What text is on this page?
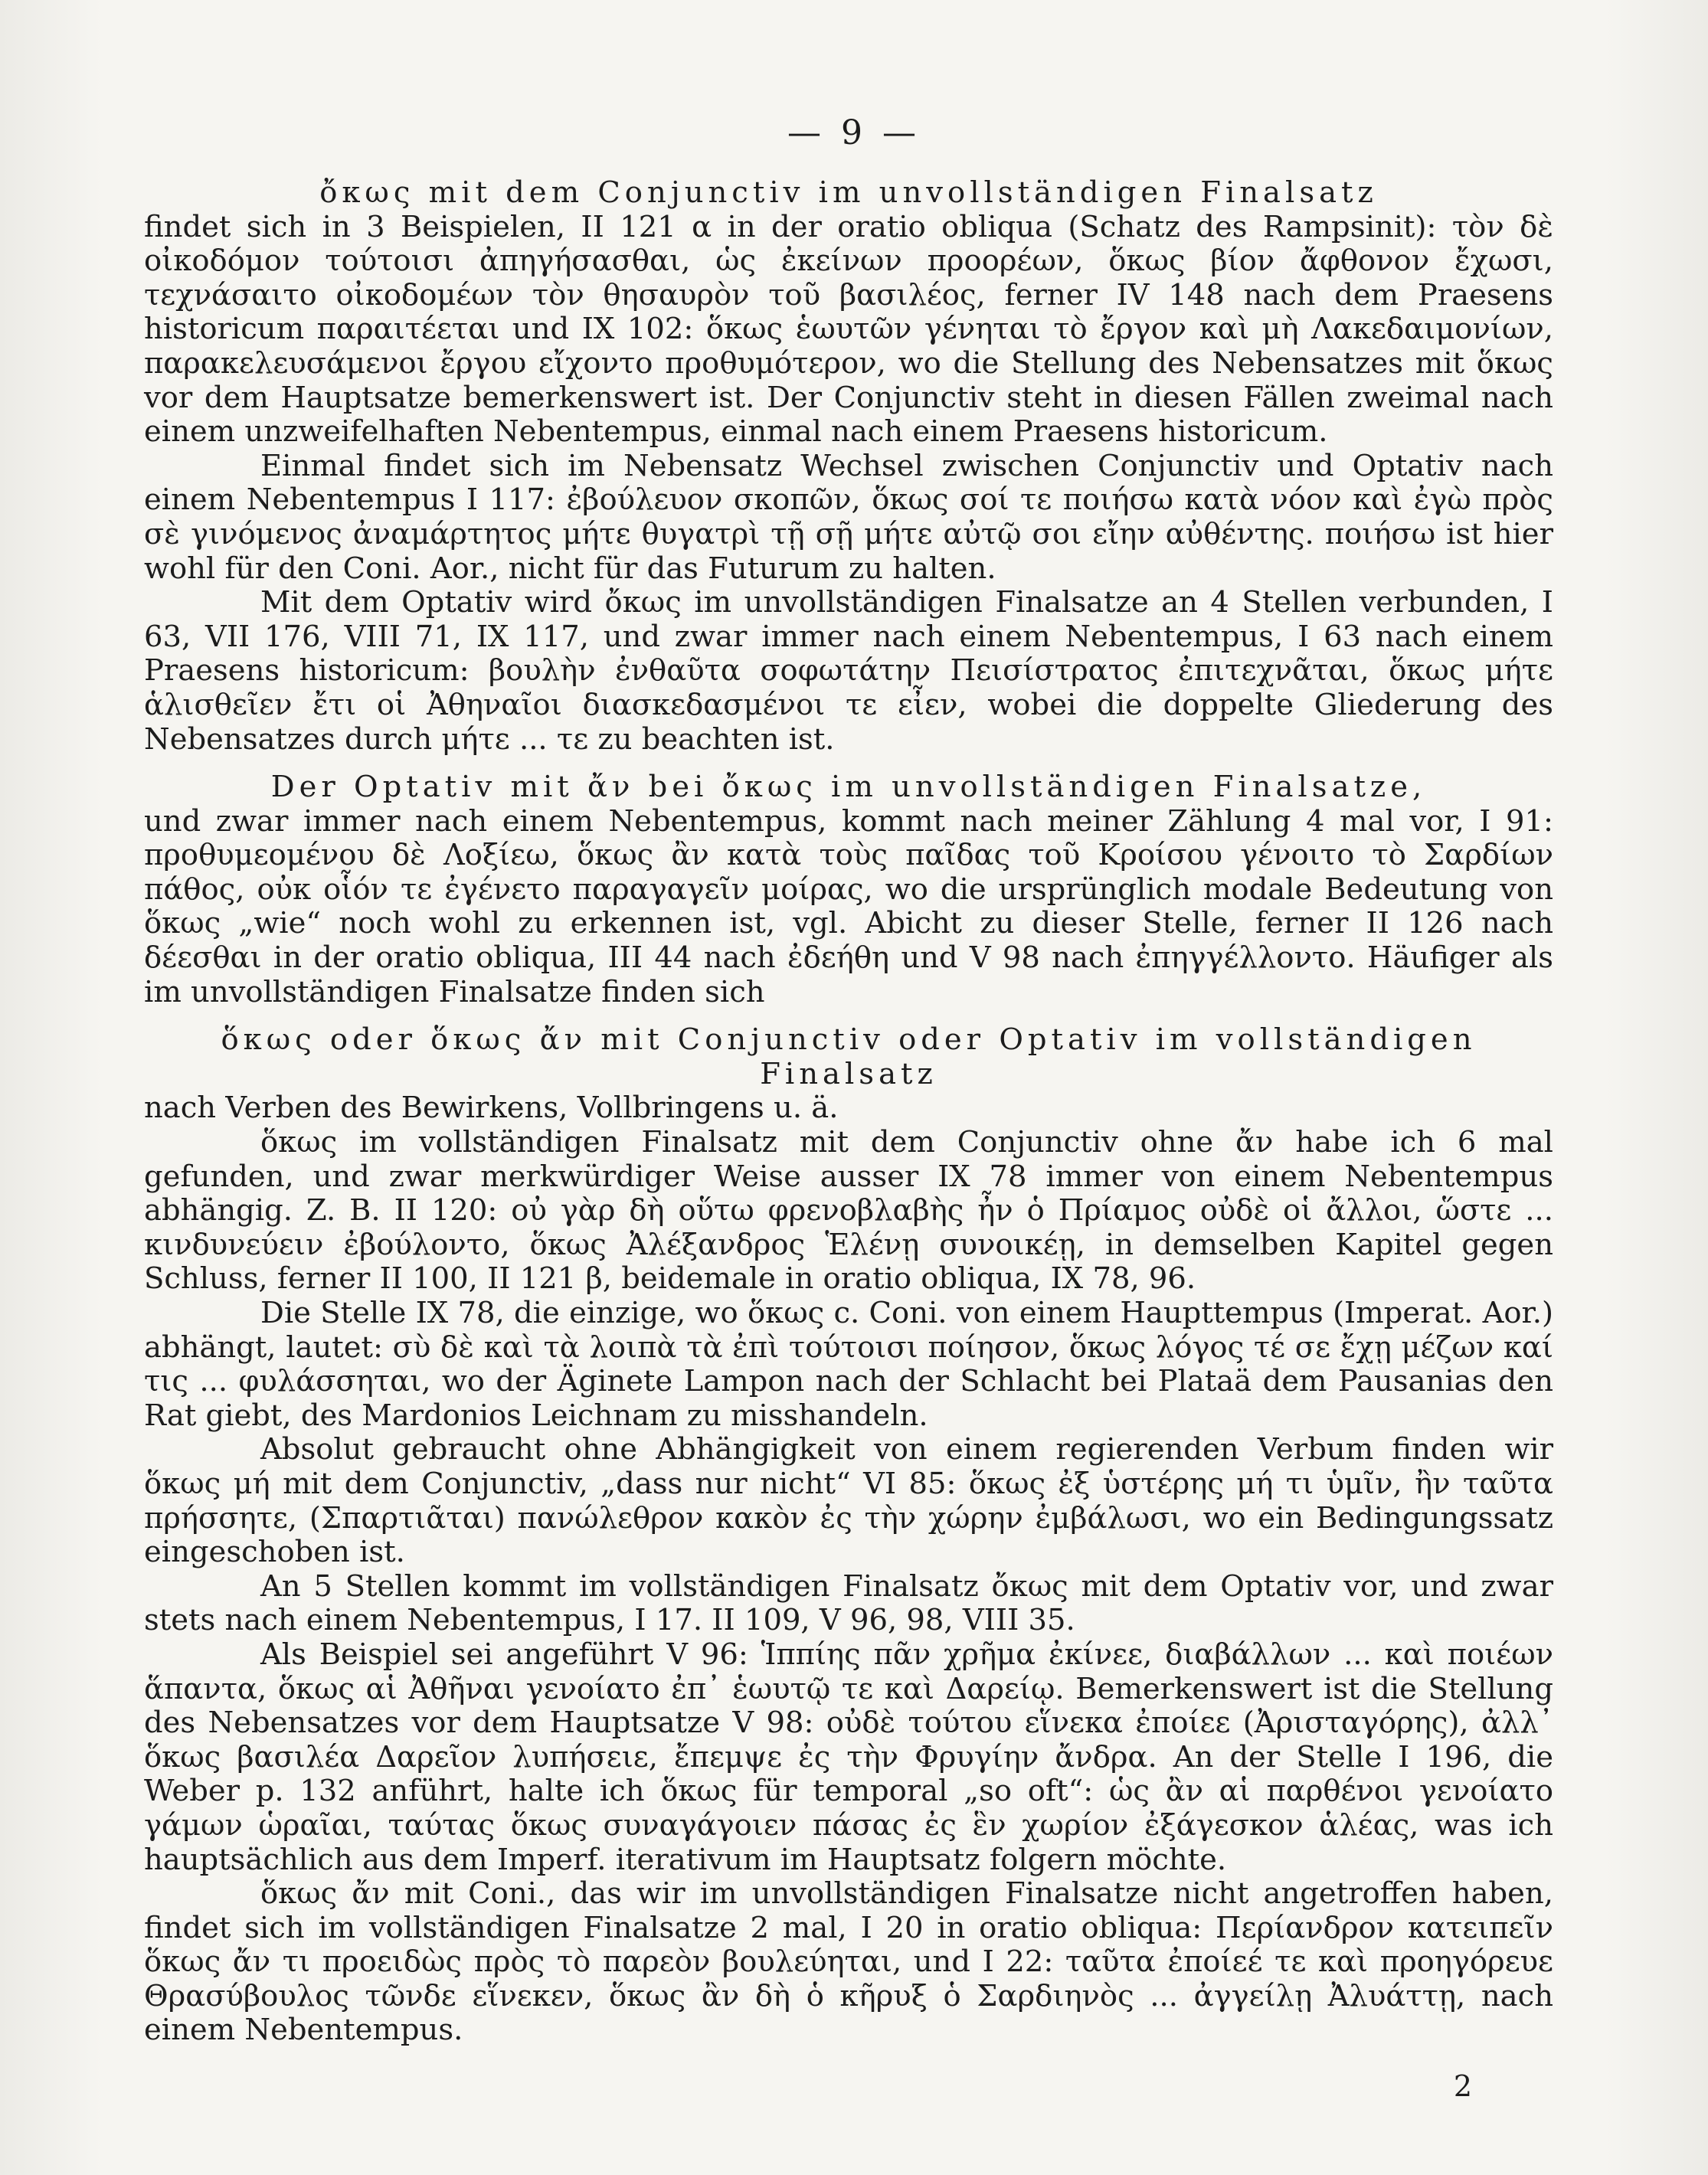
— 9 —

ὄκως mit dem Conjunctiv im unvollständigen Finalsatz

findet sich in 3 Beispielen, II 121 α in der oratio obliqua (Schatz des Rampsinit): τὸν δὲ οἰκοδόμον τούτοισι ἀπηγήσασθαι, ὡς ἐκείνων προορέων, ὅκως βίον ἄφθονον ἔχωσι, τεχνάσαιτο οἰκοδομέων τὸν θησαυρὸν τοῦ βασιλέος, ferner IV 148 nach dem Praesens historicum παραιτέεται und IX 102: ὅκως ἑωυτῶν γένηται τὸ ἔργον καὶ μὴ Λακεδαιμονίων, παρακελευσάμενοι ἔργου εἴχοντο προθυμότερον, wo die Stellung des Nebensatzes mit ὅκως vor dem Hauptsatze bemerkenswert ist. Der Conjunctiv steht in diesen Fällen zweimal nach einem unzweifelhaften Nebentempus, einmal nach einem Praesens historicum.

Einmal findet sich im Nebensatz Wechsel zwischen Conjunctiv und Optativ nach einem Nebentempus I 117: ἐβούλευον σκοπῶν, ὅκως σοί τε ποιήσω κατὰ νόον καὶ ἐγὼ πρὸς σὲ γινόμενος ἀναμάρτητος μήτε θυγατρὶ τῇ σῇ μήτε αὐτῷ σοι εἴην αὐθέντης. ποιήσω ist hier wohl für den Coni. Aor., nicht für das Futurum zu halten.

Mit dem Optativ wird ὄκως im unvollständigen Finalsatze an 4 Stellen verbunden, I 63, VII 176, VIII 71, IX 117, und zwar immer nach einem Nebentempus, I 63 nach einem Praesens historicum: βουλὴν ἐνθαῦτα σοφωτάτην Πεισίστρατος ἐπιτεχνᾶται, ὅκως μήτε ἁλισθεῖεν ἔτι οἱ Ἀθηναῖοι διασκεδασμένοι τε εἶεν, wobei die doppelte Gliederung des Nebensatzes durch μήτε ... τε zu beachten ist.

Der Optativ mit ἄν bei ὄκως im unvollständigen Finalsatze,

und zwar immer nach einem Nebentempus, kommt nach meiner Zählung 4 mal vor, I 91: προθυμεομένου δὲ Λοξίεω, ὅκως ἂν κατὰ τοὺς παῖδας τοῦ Κροίσου γένοιτο τὸ Σαρδίων πάθος, οὐκ οἷόν τε ἐγένετο παραγαγεῖν μοίρας, wo die ursprünglich modale Bedeutung von ὅκως „wie“ noch wohl zu erkennen ist, vgl. Abicht zu dieser Stelle, ferner II 126 nach δέεσθαι in der oratio obliqua, III 44 nach ἐδεήθη und V 98 nach ἐπηγγέλλοντο. Häufiger als im unvollständigen Finalsatze finden sich

ὅκως oder ὅκως ἄν mit Conjunctiv oder Optativ im vollständigen Finalsatz

nach Verben des Bewirkens, Vollbringens u. ä.

ὅκως im vollständigen Finalsatz mit dem Conjunctiv ohne ἄν habe ich 6 mal gefunden, und zwar merkwürdiger Weise ausser IX 78 immer von einem Nebentempus abhängig. Z. B. II 120: οὐ γὰρ δὴ οὕτω φρενοβλαβὴς ἦν ὁ Πρίαμος οὐδὲ οἱ ἄλλοι, ὥστε ... κινδυνεύειν ἐβούλοντο, ὅκως Ἀλέξανδρος Ἑλένῃ συνοικέῃ, in demselben Kapitel gegen Schluss, ferner II 100, II 121 β, beidemale in oratio obliqua, IX 78, 96.

Die Stelle IX 78, die einzige, wo ὅκως c. Coni. von einem Haupttempus (Imperat. Aor.) abhängt, lautet: σὺ δὲ καὶ τὰ λοιπὰ τὰ ἐπὶ τούτοισι ποίησον, ὅκως λόγος τέ σε ἔχῃ μέζων καί τις ... φυλάσσηται, wo der Äginete Lampon nach der Schlacht bei Plataä dem Pausanias den Rat giebt, des Mardonios Leichnam zu misshandeln.

Absolut gebraucht ohne Abhängigkeit von einem regierenden Verbum finden wir ὅκως μή mit dem Conjunctiv, „dass nur nicht“ VI 85: ὅκως ἐξ ὑστέρης μή τι ὑμῖν, ἢν ταῦτα πρήσσητε, (Σπαρτιᾶται) πανώλεθρον κακὸν ἐς τὴν χώρην ἐμβάλωσι, wo ein Bedingungssatz eingeschoben ist.

An 5 Stellen kommt im vollständigen Finalsatz ὄκως mit dem Optativ vor, und zwar stets nach einem Nebentempus, I 17. II 109, V 96, 98, VIII 35.

Als Beispiel sei angeführt V 96: Ἱππίης πᾶν χρῆμα ἐκίνεε, διαβάλλων ... καὶ ποιέων ἅπαντα, ὅκως αἱ Ἀθῆναι γενοίατο ἐπ᾽ ἑωυτῷ τε καὶ Δαρείῳ. Bemerkenswert ist die Stellung des Nebensatzes vor dem Hauptsatze V 98: οὐδὲ τούτου εἵνεκα ἐποίεε (Ἀρισταγόρης), ἀλλ᾽ ὅκως βασιλέα Δαρεῖον λυπήσειε, ἔπεμψε ἐς τὴν Φρυγίην ἄνδρα. An der Stelle I 196, die Weber p. 132 anführt, halte ich ὅκως für temporal „so oft“: ὡς ἂν αἱ παρθένοι γενοίατο γάμων ὡραῖαι, ταύτας ὅκως συναγάγοιεν πάσας ἐς ἓν χωρίον ἐξάγεσκον ἁλέας, was ich hauptsächlich aus dem Imperf. iterativum im Hauptsatz folgern möchte.

ὅκως ἄν mit Coni., das wir im unvollständigen Finalsatze nicht angetroffen haben, findet sich im vollständigen Finalsatze 2 mal, I 20 in oratio obliqua: Περίανδρον κατειπεῖν ὅκως ἄν τι προειδὼς πρὸς τὸ παρεὸν βουλεύηται, und I 22: ταῦτα ἐποίεέ τε καὶ προηγόρευε Θρασύβουλος τῶνδε εἵνεκεν, ὅκως ἂν δὴ ὁ κῆρυξ ὁ Σαρδιηνὸς ... ἀγγείλῃ Ἀλυάττῃ, nach einem Nebentempus.

2
